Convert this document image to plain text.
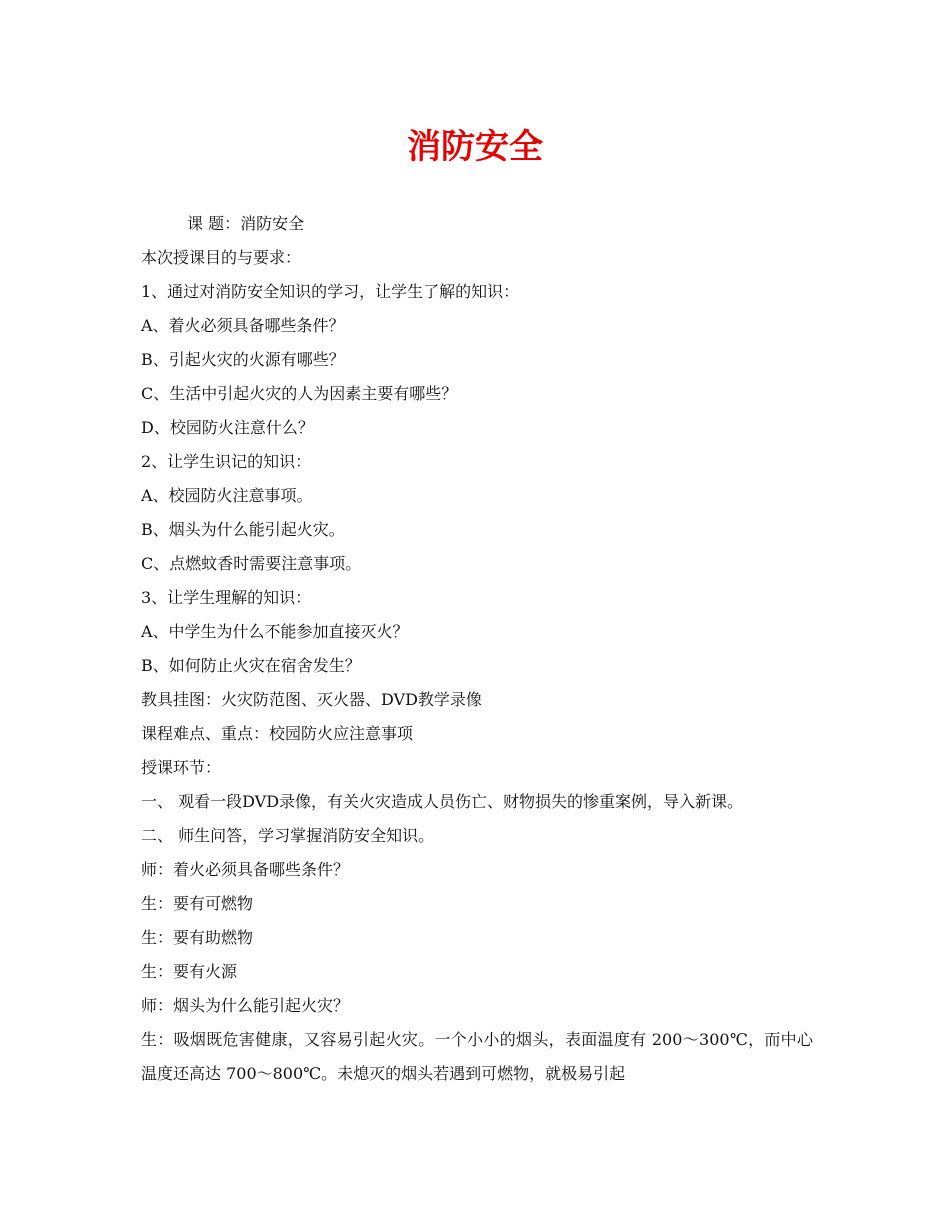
消防安全

课 题：消防安全

本次授课目的与要求：

1、通过对消防安全知识的学习，让学生了解的知识：

A、着火必须具备哪些条件？

B、引起火灾的火源有哪些？

C、生活中引起火灾的人为因素主要有哪些？

D、校园防火注意什么？

2、让学生识记的知识：

A、校园防火注意事项。

B、烟头为什么能引起火灾。

C、点燃蚊香时需要注意事项。

3、让学生理解的知识：

A、中学生为什么不能参加直接灭火？

B、如何防止火灾在宿舍发生？

教具挂图：火灾防范图、灭火器、DVD教学录像

课程难点、重点：校园防火应注意事项

授课环节：

一、 观看一段DVD录像，有关火灾造成人员伤亡、财物损失的惨重案例，导入新课。

二、 师生问答，学习掌握消防安全知识。

师：着火必须具备哪些条件？

生：要有可燃物

生：要有助燃物

生：要有火源

师：烟头为什么能引起火灾？

生：吸烟既危害健康，又容易引起火灾。一个小小的烟头，表面温度有 200～300℃，而中心温度还高达 700～800℃。未熄灭的烟头若遇到可燃物，就极易引起
